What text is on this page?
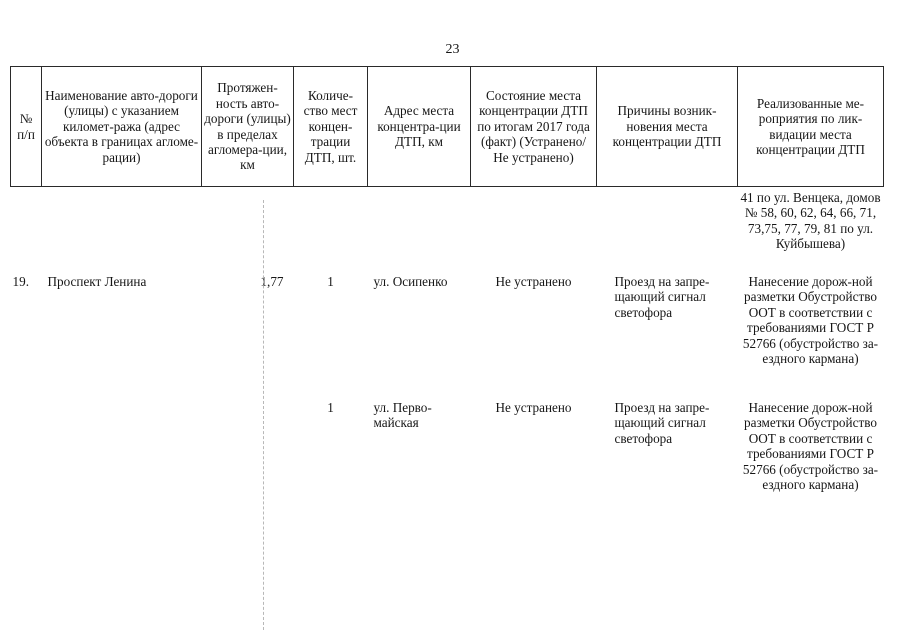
23
№ п/п	Наименование авто-дороги (улицы) с указанием километ-ража (адрес объекта в границах агломе-рации)	Протяжен-ность авто-дороги (улицы) в пределах агломера-ции, км	Количе-ство мест концен-трации ДТП, шт.	Адрес места концентра-ции ДТП, км	Состояние места концентрации ДТП по итогам 2017 года (факт) (Устранено/ Не устранено)	Причины возник-новения места концентрации ДТП	Реализованные ме-роприятия по лик-видации места концентрации ДТП
							41 по ул. Венцека, домов № 58, 60, 62, 64, 66, 71, 73,75, 77, 79, 81 по ул. Куйбышева)
19.	Проспект Ленина	1,77	1	ул. Осипенко	Не устранено	Проезд на запре-щающий сигнал светофора	Нанесение дорож-ной разметки Обустройство ООТ в соответствии с требованиями ГОСТ Р 52766 (обустройство за-ездного кармана)
			1	ул. Перво-майская	Не устранено	Проезд на запре-щающий сигнал светофора	Нанесение дорож-ной разметки Обустройство ООТ в соответствии с требованиями ГОСТ Р 52766 (обустройство за-ездного кармана)
